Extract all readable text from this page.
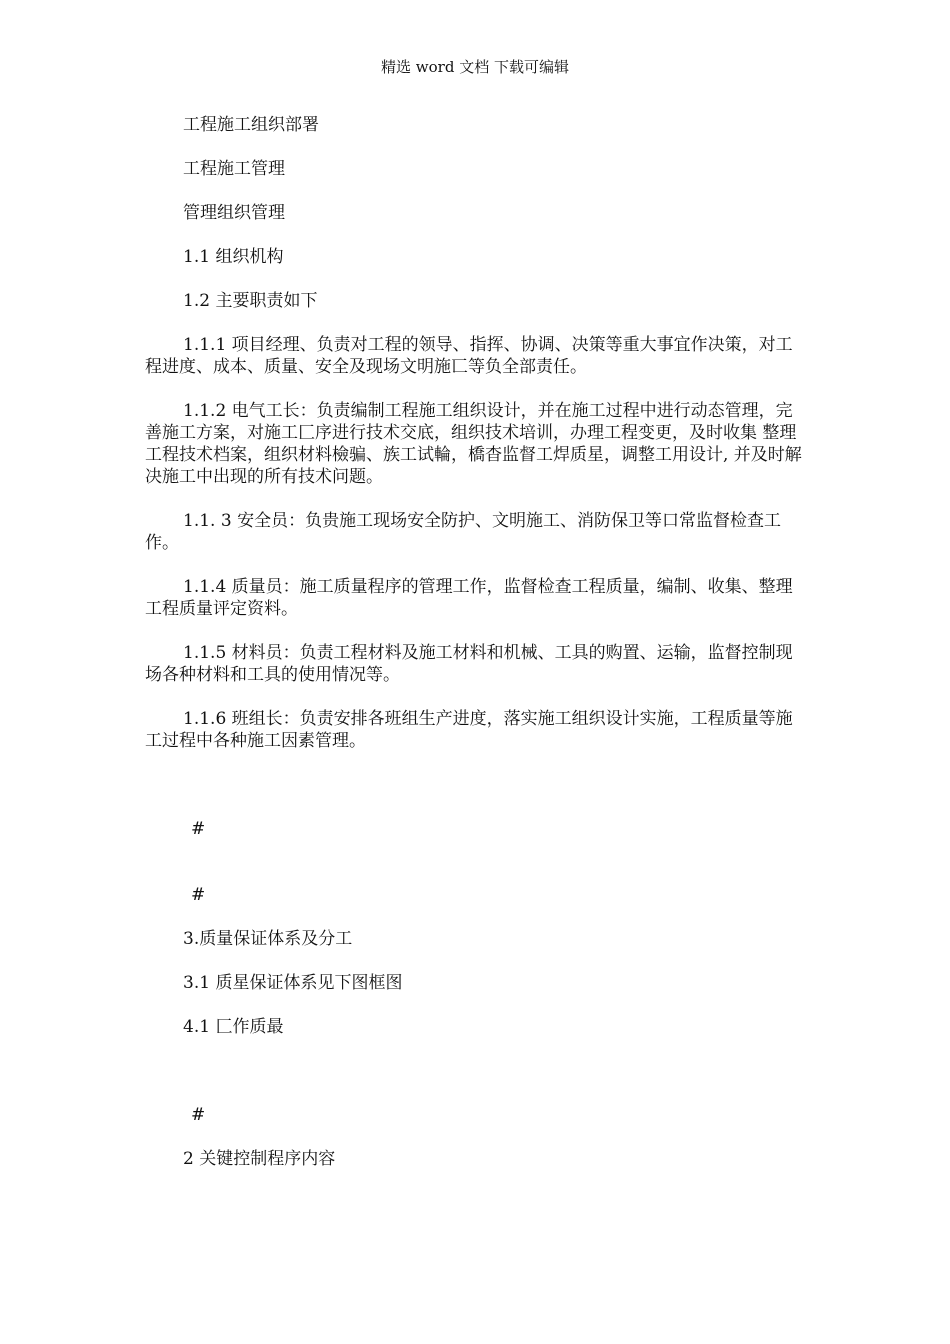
精选 word 文档 下载可编辑
工程施工组织部署
工程施工管理
管理组织管理
1.1 组织机构
1.2 主要职责如下

1.1.1 项目经理、负责对工程的领导、指挥、协调、决策等重大事宜作决策，对工 程进度、成本、质量、安全及现场文明施匸等负全部责任。

1.1.2 电气工长：负责编制工程施工组织设计，并在施工过程中进行动态管理，完 善施工方案，对施工匚序进行技术交底，组织技术培训，办理工程变更，及时收集 整理工程技术档案，组织材料檢骗、族工试輪，橋杳监督工焊质星，调整工用设计, 并及时解决施工中出现的所有技术问题。

1.1. 3 安全员：负贵施工现场安全防护、文明施工、消防保卫等口常监督检查工作。

1.1.4 质量员：施工质量程序的管理工作，监督检查工程质量，编制、收集、整理 工程质量评定资料。

1.1.5 材料员：负责工程材料及施工材料和机械、工具的购置、运输，监督控制现 场各种材料和工具的使用情况等。

1.1.6 班组长：负责安排各班组生产进度，落实施工组织设计实施，工程质量等施 工过程中各种施工因素管理。

#
#
3.质量保证体系及分工
3.1 质星保证体系见下图框图
4.1 匚作质最
#
2 关键控制程序内容
